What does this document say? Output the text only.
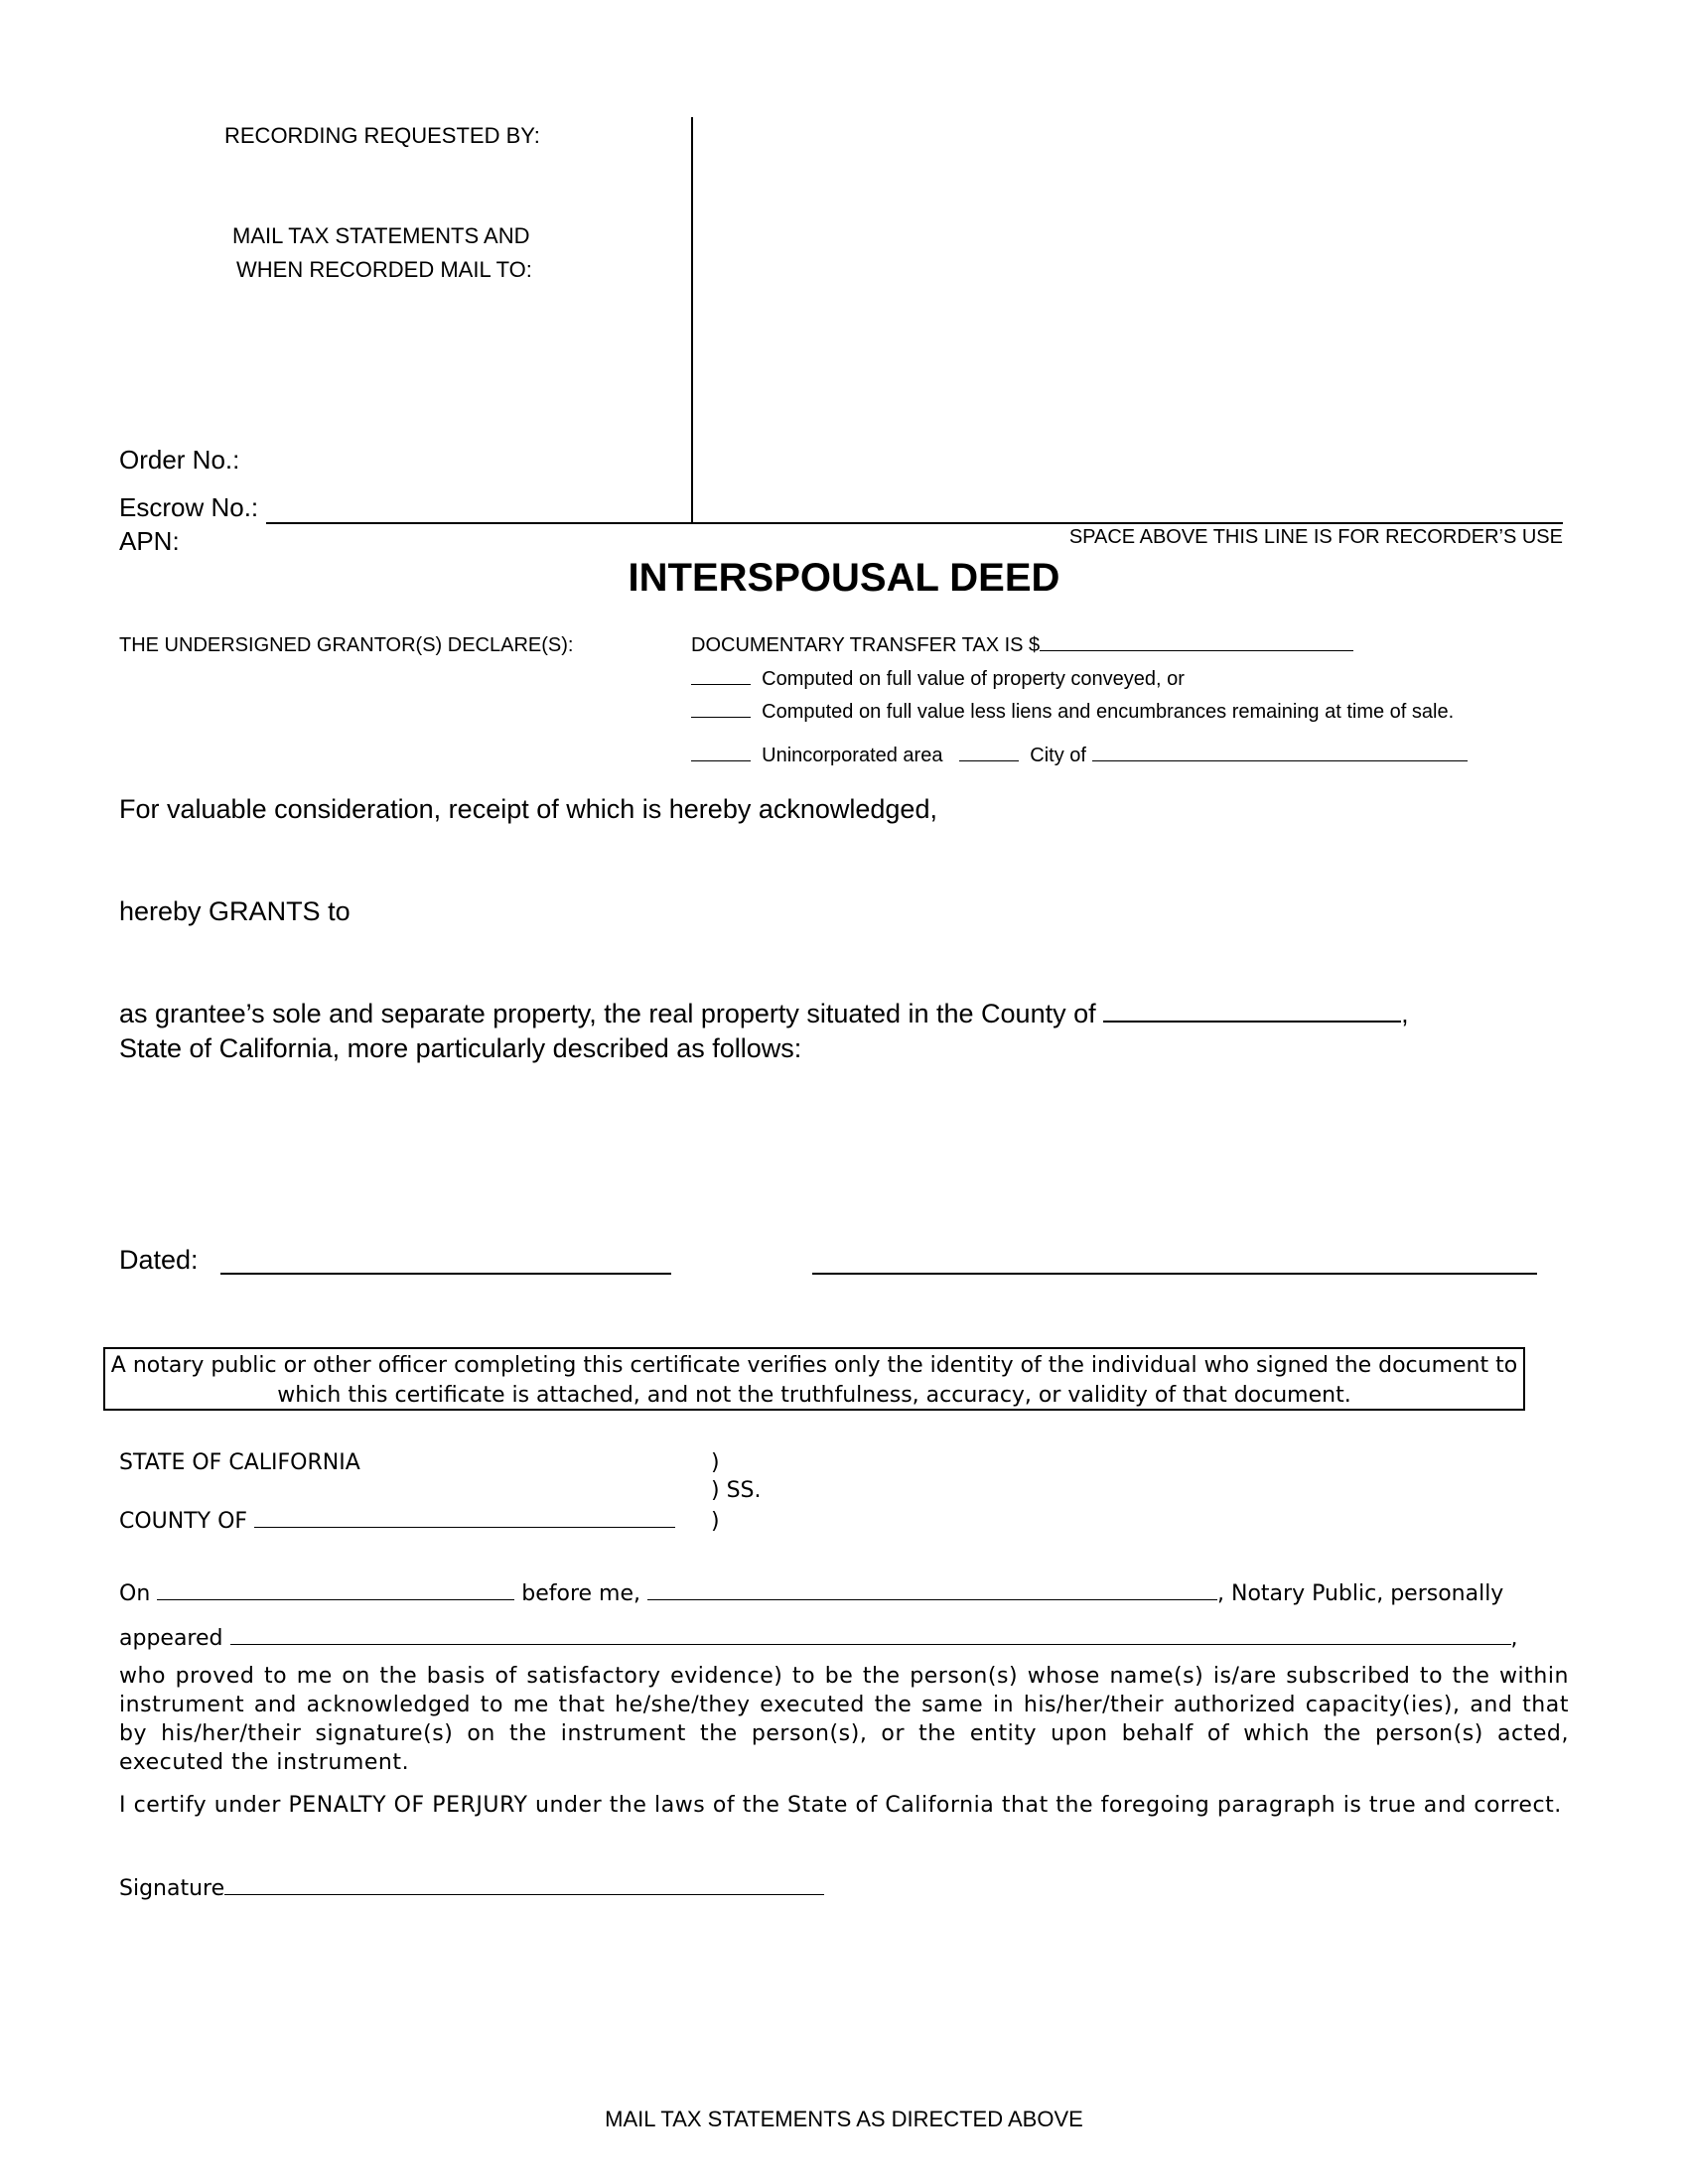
RECORDING REQUESTED BY:
MAIL TAX STATEMENTS AND
WHEN RECORDED MAIL TO:
Order No.:
Escrow No.:
APN:	SPACE ABOVE THIS LINE IS FOR RECORDER’S USE
INTERSPOUSAL DEED
THE UNDERSIGNED GRANTOR(S) DECLARE(S):	DOCUMENTARY TRANSFER TAX IS $
Computed on full value of property conveyed, or
Computed on full value less liens and encumbrances remaining at time of sale.
Unincorporated area	City of
For valuable consideration, receipt of which is hereby acknowledged,
hereby GRANTS to
as grantee’s sole and separate property, the real property situated in the County of	,
State of California, more particularly described as follows:
Dated:
A notary public or other officer completing this certificate verifies only the identity of the individual who signed the document to which this certificate is attached, and not the truthfulness, accuracy, or validity of that document.
STATE OF CALIFORNIA	)
) SS.
COUNTY OF	)
On	before me,	, Notary Public, personally
appeared	,
who proved to me on the basis of satisfactory evidence) to be the person(s) whose name(s) is/are subscribed to the within instrument and acknowledged to me that he/she/they executed the same in his/her/their authorized capacity(ies), and that by his/her/their signature(s) on the instrument the person(s), or the entity upon behalf of which the person(s) acted, executed the instrument.
I certify under PENALTY OF PERJURY under the laws of the State of California that the foregoing paragraph is true and correct.
Signature
MAIL TAX STATEMENTS AS DIRECTED ABOVE
